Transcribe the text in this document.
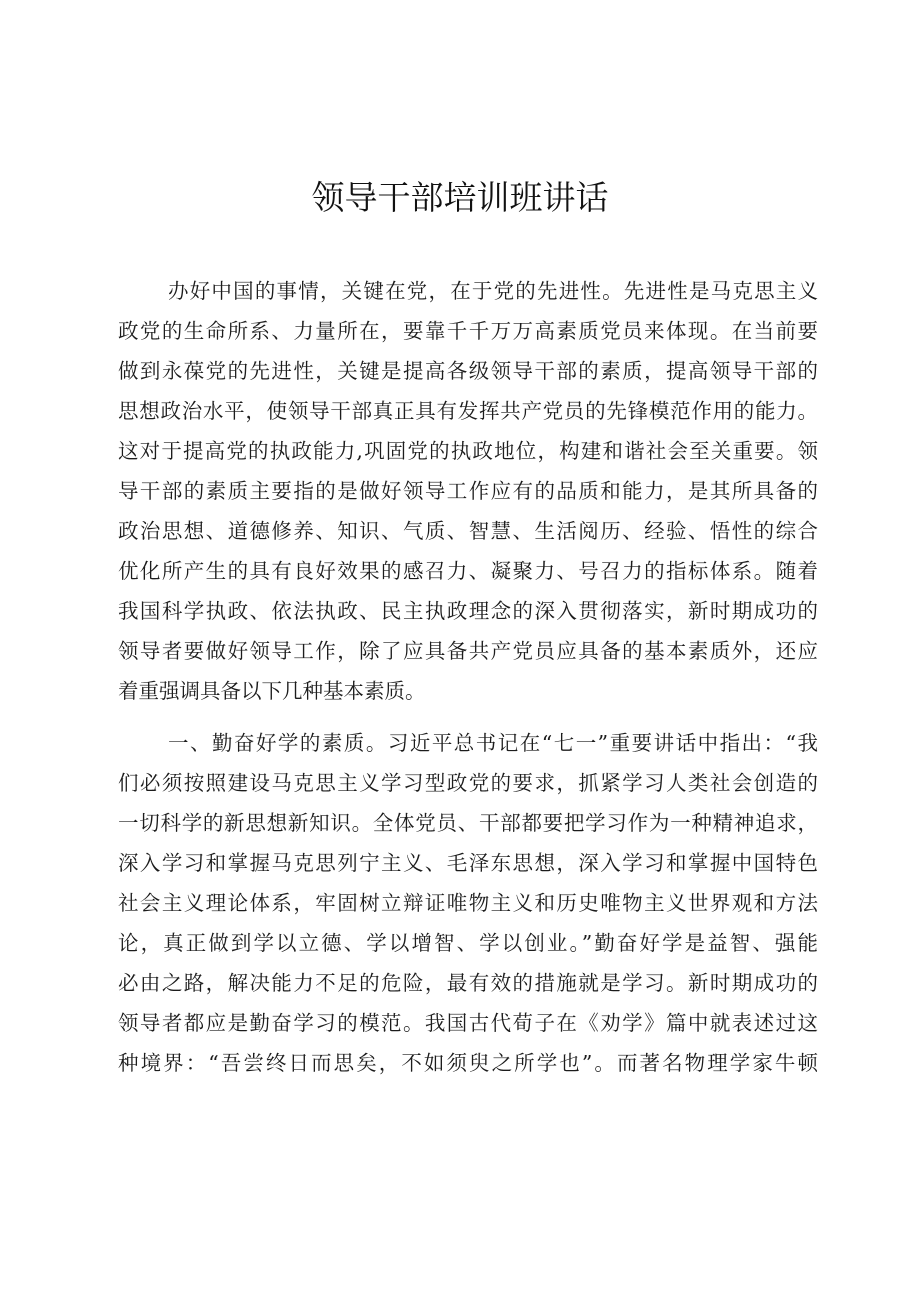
领导干部培训班讲话

办好中国的事情，关键在党，在于党的先进性。先进性是马克思主义

政党的生命所系、力量所在，要靠千千万万高素质党员来体现。在当前要

做到永葆党的先进性，关键是提高各级领导干部的素质，提高领导干部的

思想政治水平，使领导干部真正具有发挥共产党员的先锋模范作用的能力。

这对于提高党的执政能力,巩固党的执政地位，构建和谐社会至关重要。领

导干部的素质主要指的是做好领导工作应有的品质和能力，是其所具备的

政治思想、道德修养、知识、气质、智慧、生活阅历、经验、悟性的综合

优化所产生的具有良好效果的感召力、凝聚力、号召力的指标体系。随着

我国科学执政、依法执政、民主执政理念的深入贯彻落实，新时期成功的

领导者要做好领导工作，除了应具备共产党员应具备的基本素质外，还应

着重强调具备以下几种基本素质。

一、勤奋好学的素质。习近平总书记在“七一”重要讲话中指出：“我

们必须按照建设马克思主义学习型政党的要求，抓紧学习人类社会创造的

一切科学的新思想新知识。全体党员、干部都要把学习作为一种精神追求，

深入学习和掌握马克思列宁主义、毛泽东思想，深入学习和掌握中国特色

社会主义理论体系，牢固树立辩证唯物主义和历史唯物主义世界观和方法

论，真正做到学以立德、学以增智、学以创业。”勤奋好学是益智、强能

必由之路，解决能力不足的危险，最有效的措施就是学习。新时期成功的

领导者都应是勤奋学习的模范。我国古代荀子在《劝学》篇中就表述过这

种境界：“吾尝终日而思矣，不如须臾之所学也”。而著名物理学家牛顿
